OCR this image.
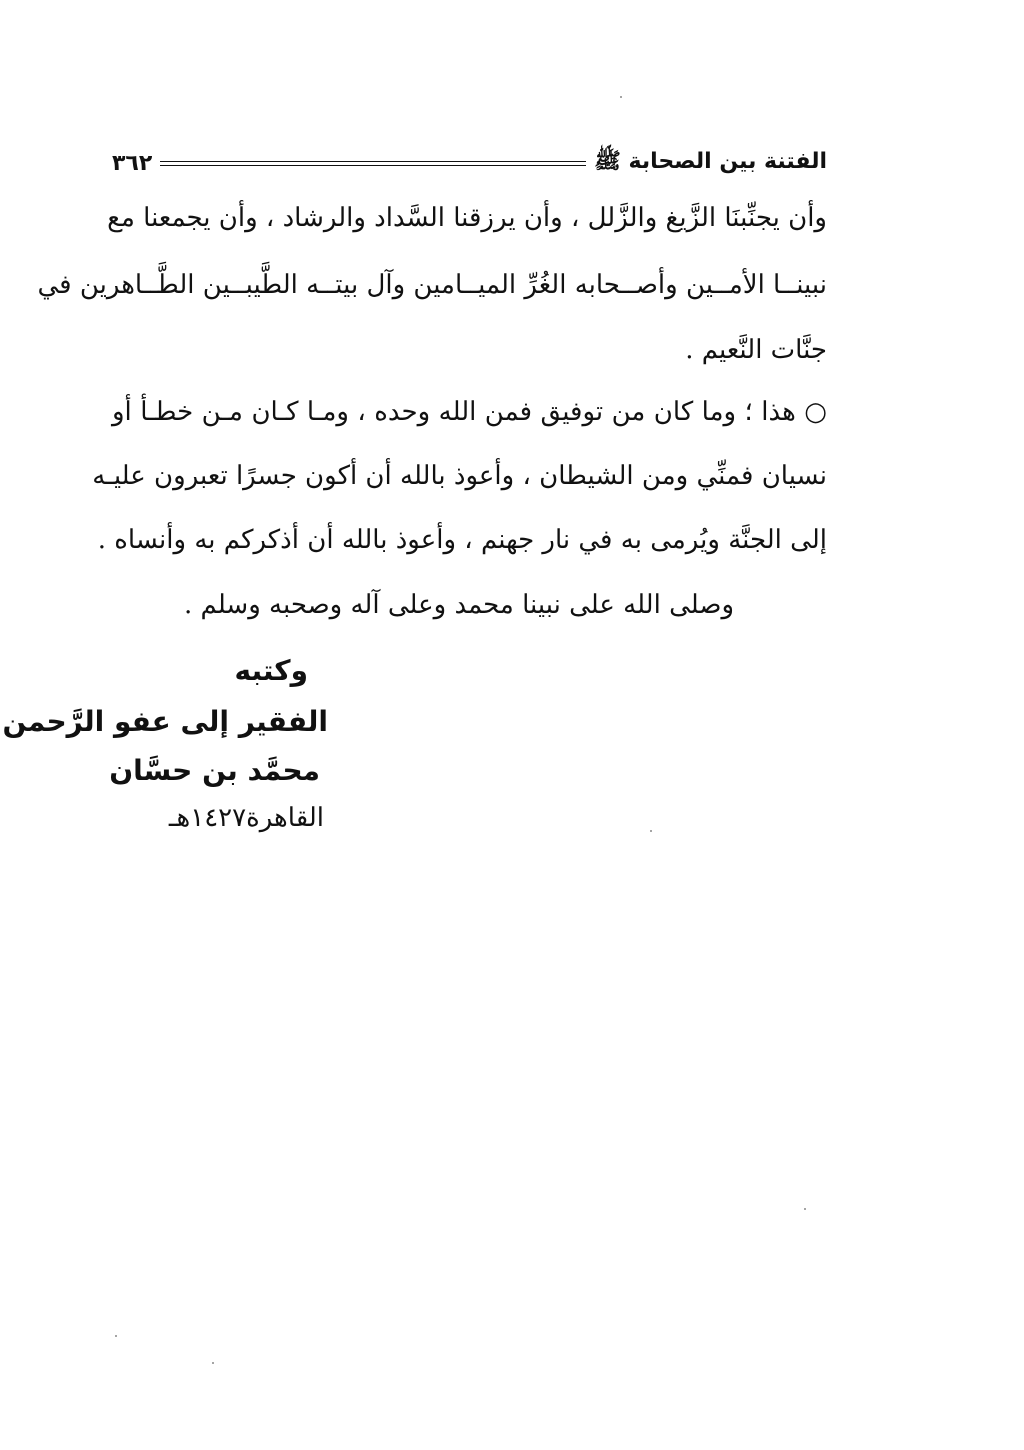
٣٦٢	الفتنة بين الصحابة ﷺ
وأن يجنِّبنَا الزَّيغ والزَّلل ، وأن يرزقنا السَّداد والرشاد ، وأن يجمعنا مع
نبينــا الأمــين وأصــحابه الغُرِّ الميــامين وآل بيتــه الطَّيبــين الطَّــاهرين في
جنَّات النَّعيم .
○ هذا ؛ وما كان من توفيق فمن الله وحده ، ومـا كـان مـن خطـأ أو
نسيان فمنِّي ومن الشيطان ، وأعوذ بالله أن أكون جسرًا تعبرون عليـه
إلى الجنَّة ويُرمى به في نار جهنم ، وأعوذ بالله أن أذكركم به وأنساه .
وصلى الله على نبينا محمد وعلى آله وصحبه وسلم .
وكتبه
الفقير إلى عفو الرَّحمن
محمَّد بن حسَّان
القاهرة١٤٢٧هـ
